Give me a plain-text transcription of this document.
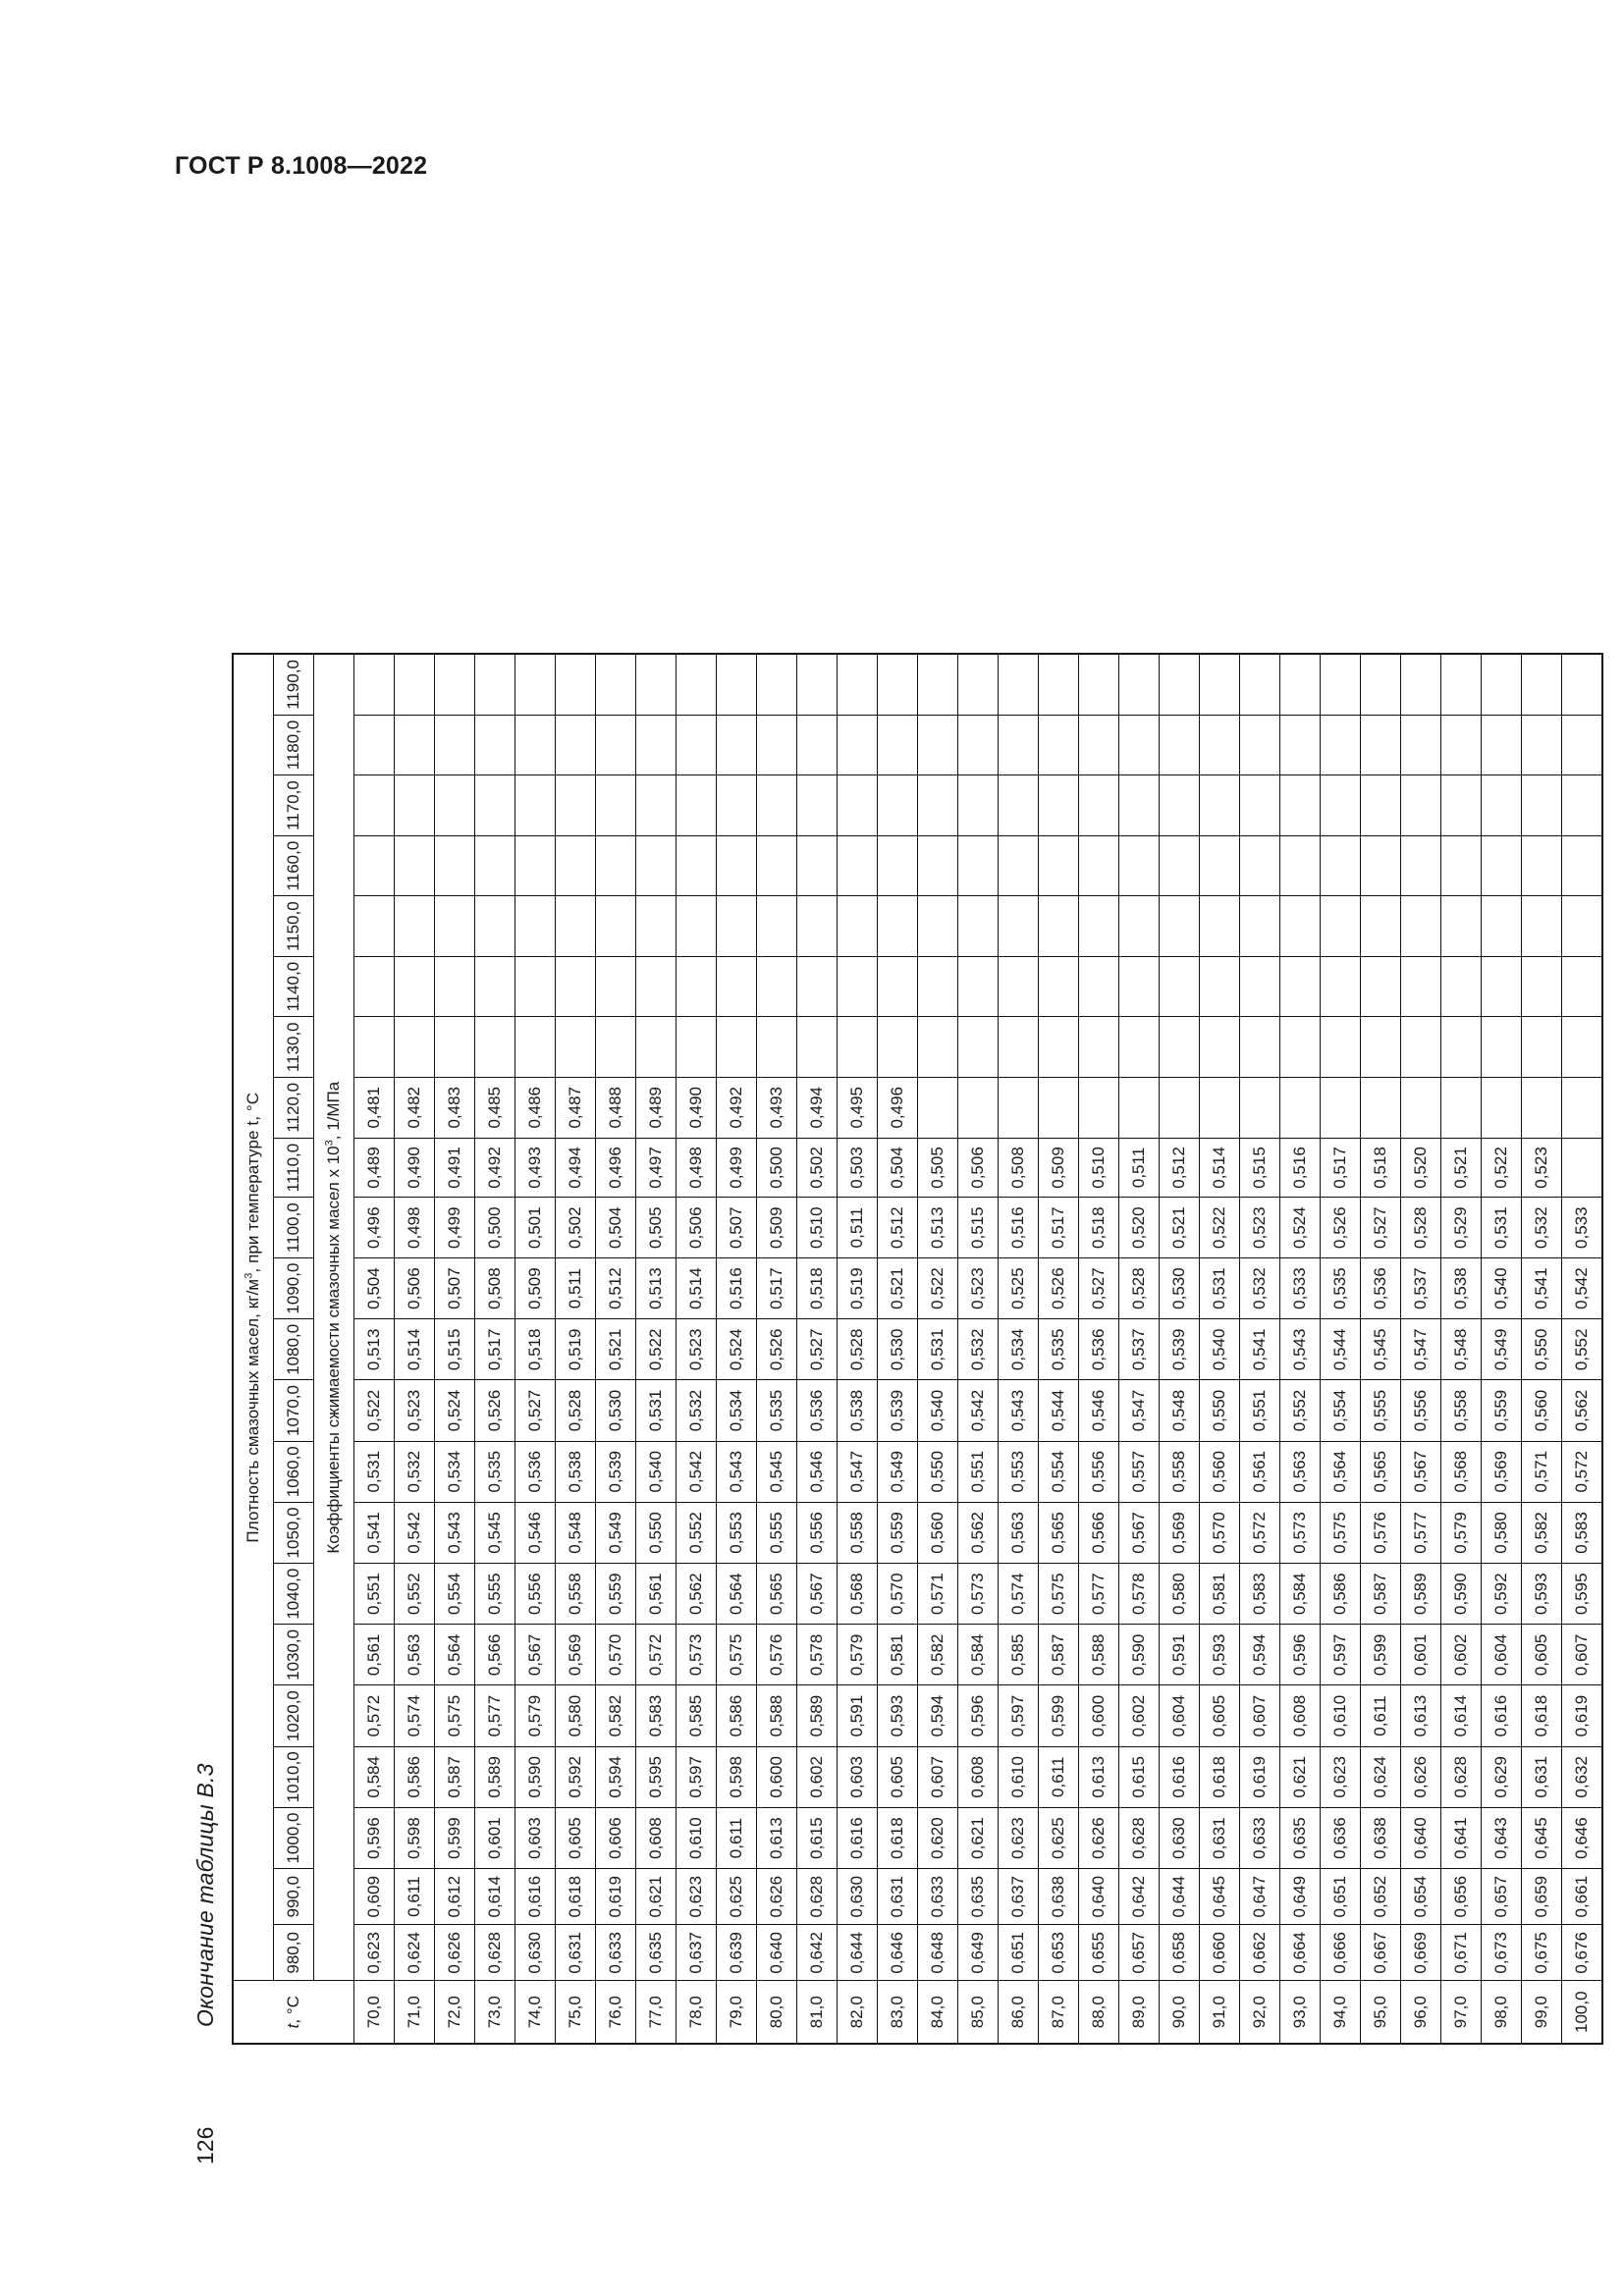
ГОСТ Р 8.1008—2022
Окончание таблицы В.3
126
t, °C	Плотность смазочных масел, $кг/м^3$, при температуре t, °C																					
	980,0	990,0	1000,0	1010,0	1020,0	1030,0	1040,0	1050,0	1060,0	1070,0	1080,0	1090,0	1100,0	1110,0	1120,0	1130,0	1140,0	1150,0	1160,0	1170,0	1180,0	1190,0
	Коэффициенты сжимаемости смазочных масел х $10^3$, 1/МПа																					
70,0	0,623	0,609	0,596	0,584	0,572	0,561	0,551	0,541	0,531	0,522	0,513	0,504	0,496	0,489	0,481							
71,0	0,624	0,611	0,598	0,586	0,574	0,563	0,552	0,542	0,532	0,523	0,514	0,506	0,498	0,490	0,482							
72,0	0,626	0,612	0,599	0,587	0,575	0,564	0,554	0,543	0,534	0,524	0,515	0,507	0,499	0,491	0,483							
73,0	0,628	0,614	0,601	0,589	0,577	0,566	0,555	0,545	0,535	0,526	0,517	0,508	0,500	0,492	0,485							
74,0	0,630	0,616	0,603	0,590	0,579	0,567	0,556	0,546	0,536	0,527	0,518	0,509	0,501	0,493	0,486							
75,0	0,631	0,618	0,605	0,592	0,580	0,569	0,558	0,548	0,538	0,528	0,519	0,511	0,502	0,494	0,487							
76,0	0,633	0,619	0,606	0,594	0,582	0,570	0,559	0,549	0,539	0,530	0,521	0,512	0,504	0,496	0,488							
77,0	0,635	0,621	0,608	0,595	0,583	0,572	0,561	0,550	0,540	0,531	0,522	0,513	0,505	0,497	0,489							
78,0	0,637	0,623	0,610	0,597	0,585	0,573	0,562	0,552	0,542	0,532	0,523	0,514	0,506	0,498	0,490							
79,0	0,639	0,625	0,611	0,598	0,586	0,575	0,564	0,553	0,543	0,534	0,524	0,516	0,507	0,499	0,492							
80,0	0,640	0,626	0,613	0,600	0,588	0,576	0,565	0,555	0,545	0,535	0,526	0,517	0,509	0,500	0,493							
81,0	0,642	0,628	0,615	0,602	0,589	0,578	0,567	0,556	0,546	0,536	0,527	0,518	0,510	0,502	0,494							
82,0	0,644	0,630	0,616	0,603	0,591	0,579	0,568	0,558	0,547	0,538	0,528	0,519	0,511	0,503	0,495							
83,0	0,646	0,631	0,618	0,605	0,593	0,581	0,570	0,559	0,549	0,539	0,530	0,521	0,512	0,504	0,496							
84,0	0,648	0,633	0,620	0,607	0,594	0,582	0,571	0,560	0,550	0,540	0,531	0,522	0,513	0,505								
85,0	0,649	0,635	0,621	0,608	0,596	0,584	0,573	0,562	0,551	0,542	0,532	0,523	0,515	0,506								
86,0	0,651	0,637	0,623	0,610	0,597	0,585	0,574	0,563	0,553	0,543	0,534	0,525	0,516	0,508								
87,0	0,653	0,638	0,625	0,611	0,599	0,587	0,575	0,565	0,554	0,544	0,535	0,526	0,517	0,509								
88,0	0,655	0,640	0,626	0,613	0,600	0,588	0,577	0,566	0,556	0,546	0,536	0,527	0,518	0,510								
89,0	0,657	0,642	0,628	0,615	0,602	0,590	0,578	0,567	0,557	0,547	0,537	0,528	0,520	0,511								
90,0	0,658	0,644	0,630	0,616	0,604	0,591	0,580	0,569	0,558	0,548	0,539	0,530	0,521	0,512								
91,0	0,660	0,645	0,631	0,618	0,605	0,593	0,581	0,570	0,560	0,550	0,540	0,531	0,522	0,514								
92,0	0,662	0,647	0,633	0,619	0,607	0,594	0,583	0,572	0,561	0,551	0,541	0,532	0,523	0,515								
93,0	0,664	0,649	0,635	0,621	0,608	0,596	0,584	0,573	0,563	0,552	0,543	0,533	0,524	0,516								
94,0	0,666	0,651	0,636	0,623	0,610	0,597	0,586	0,575	0,564	0,554	0,544	0,535	0,526	0,517								
95,0	0,667	0,652	0,638	0,624	0,611	0,599	0,587	0,576	0,565	0,555	0,545	0,536	0,527	0,518								
96,0	0,669	0,654	0,640	0,626	0,613	0,601	0,589	0,577	0,567	0,556	0,547	0,537	0,528	0,520								
97,0	0,671	0,656	0,641	0,628	0,614	0,602	0,590	0,579	0,568	0,558	0,548	0,538	0,529	0,521								
98,0	0,673	0,657	0,643	0,629	0,616	0,604	0,592	0,580	0,569	0,559	0,549	0,540	0,531	0,522								
99,0	0,675	0,659	0,645	0,631	0,618	0,605	0,593	0,582	0,571	0,560	0,550	0,541	0,532	0,523								
100,0	0,676	0,661	0,646	0,632	0,619	0,607	0,595	0,583	0,572	0,562	0,552	0,542	0,533									
